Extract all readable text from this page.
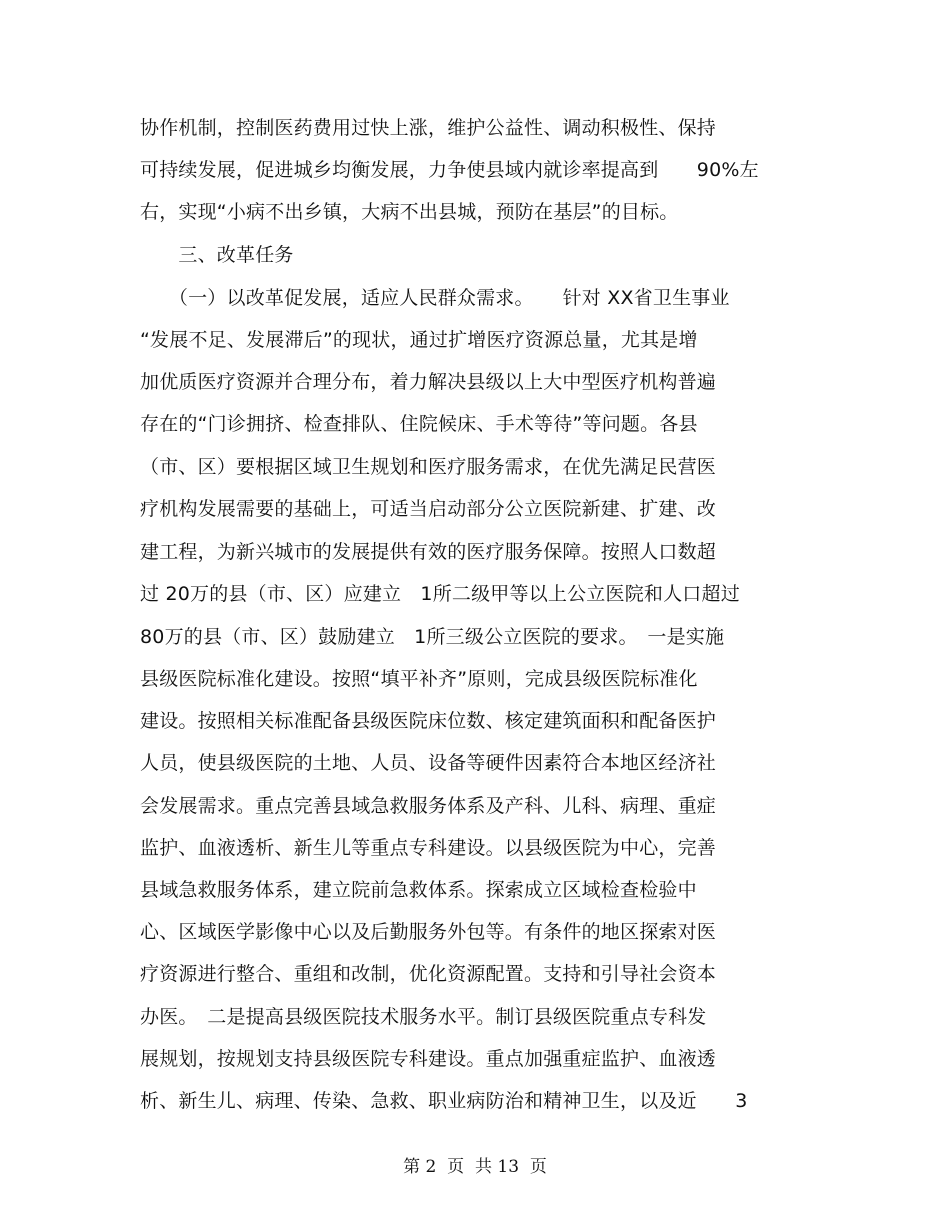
协作机制，控制医药费用过快上涨，维护公益性、调动积极性、保持
可持续发展，促进城乡均衡发展，力争使县域内就诊率提高到　　90%左
右，实现“小病不出乡镇，大病不出县城，预防在基层”的目标。
　　三、改革任务
　　（一）以改革促发展，适应人民群众需求。　　针对 XX省卫生事业
“发展不足、发展滞后”的现状，通过扩增医疗资源总量，尤其是增
加优质医疗资源并合理分布，着力解决县级以上大中型医疗机构普遍
存在的“门诊拥挤、检查排队、住院候床、手术等待”等问题。各县
（市、区）要根据区域卫生规划和医疗服务需求，在优先满足民营医
疗机构发展需要的基础上，可适当启动部分公立医院新建、扩建、改
建工程，为新兴城市的发展提供有效的医疗服务保障。按照人口数超
过 20万的县（市、区）应建立　1所二级甲等以上公立医院和人口超过
80万的县（市、区）鼓励建立　1所三级公立医院的要求。　一是实施
县级医院标准化建设。按照“填平补齐”原则，完成县级医院标准化
建设。按照相关标准配备县级医院床位数、核定建筑面积和配备医护
人员，使县级医院的土地、人员、设备等硬件因素符合本地区经济社
会发展需求。重点完善县域急救服务体系及产科、儿科、病理、重症
监护、血液透析、新生儿等重点专科建设。以县级医院为中心，完善
县域急救服务体系，建立院前急救体系。探索成立区域检查检验中
心、区域医学影像中心以及后勤服务外包等。有条件的地区探索对医
疗资源进行整合、重组和改制，优化资源配置。支持和引导社会资本
办医。　二是提高县级医院技术服务水平。制订县级医院重点专科发
展规划，按规划支持县级医院专科建设。重点加强重症监护、血液透
析、新生儿、病理、传染、急救、职业病防治和精神卫生，以及近　　3
第 2  页  共 13  页
